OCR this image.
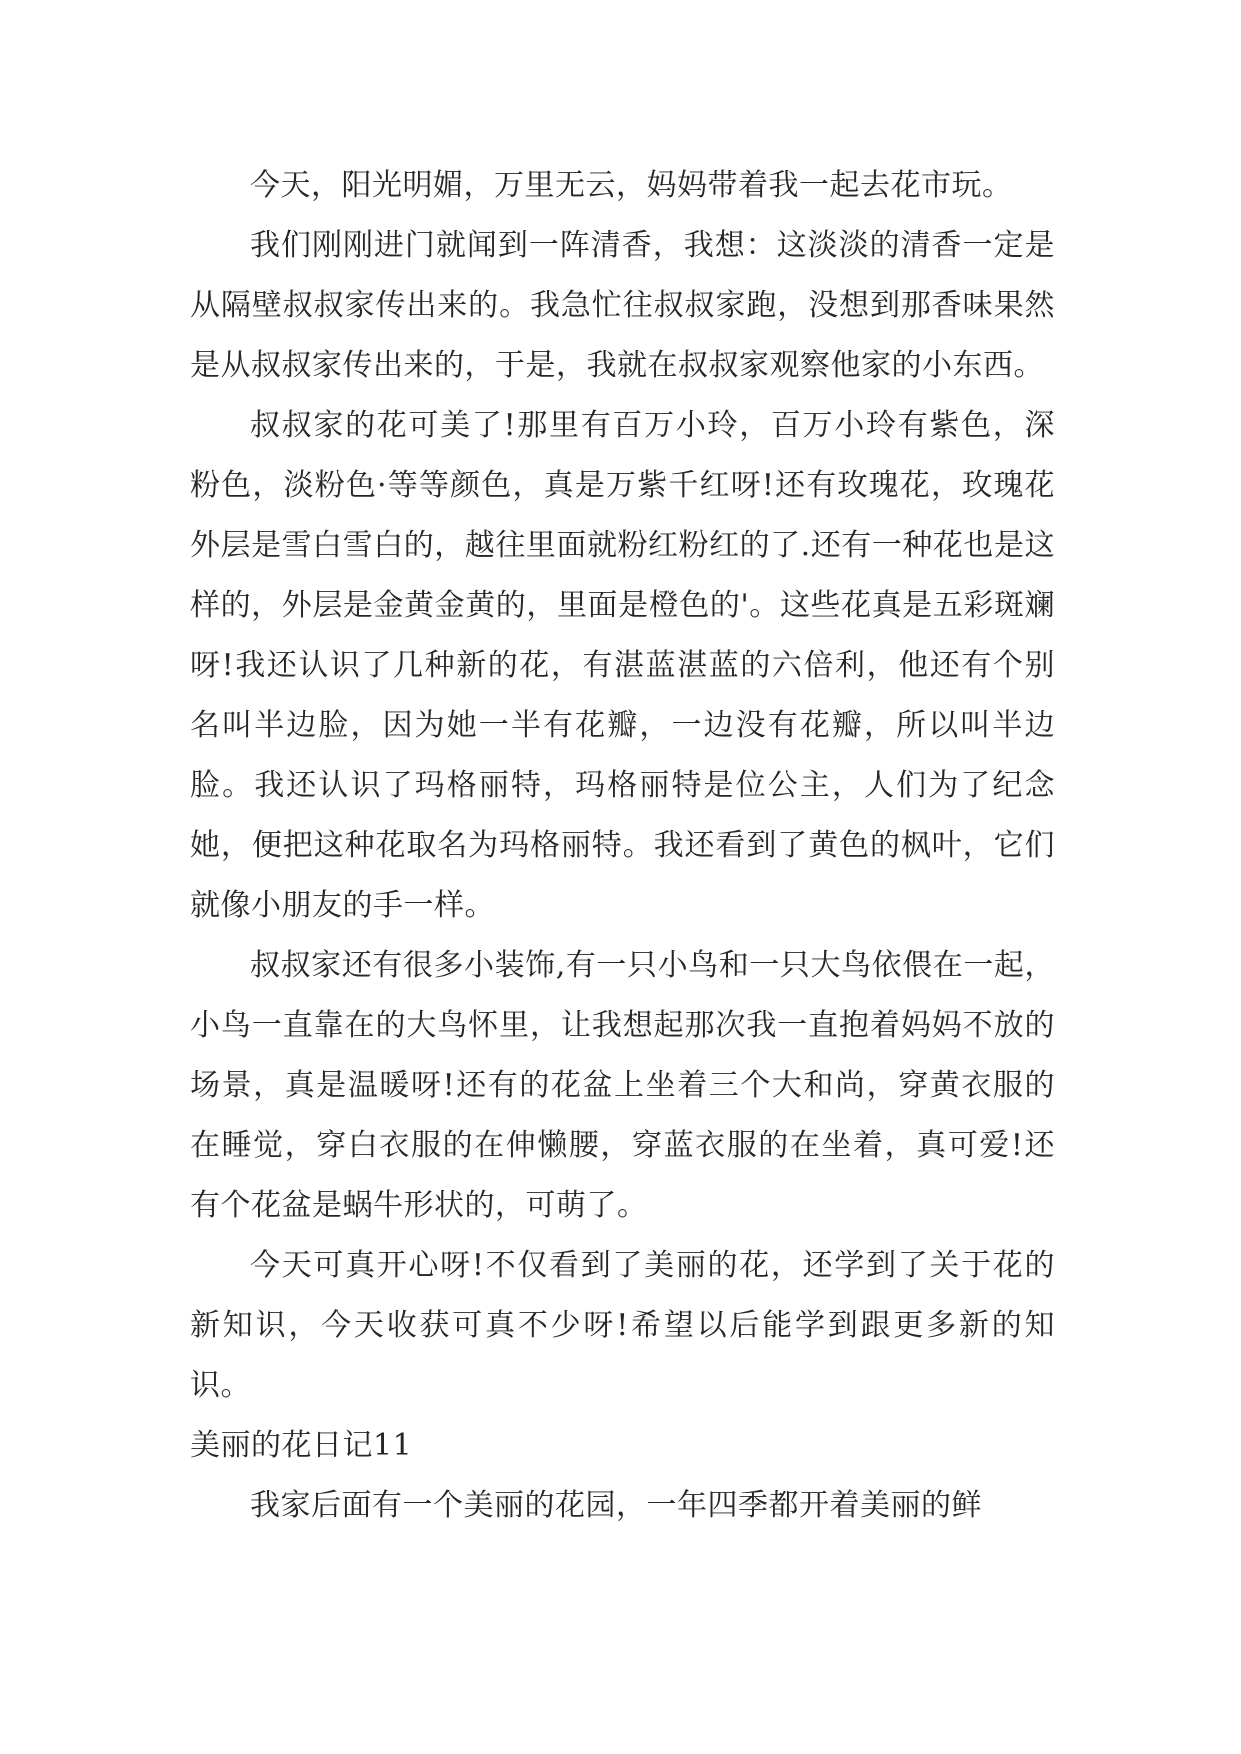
今天，阳光明媚，万里无云，妈妈带着我一起去花市玩。

我们刚刚进门就闻到一阵清香，我想：这淡淡的清香一定是从隔壁叔叔家传出来的。我急忙往叔叔家跑，没想到那香味果然是从叔叔家传出来的，于是，我就在叔叔家观察他家的小东西。

叔叔家的花可美了!那里有百万小玲，百万小玲有紫色，深粉色，淡粉色·等等颜色，真是万紫千红呀!还有玫瑰花，玫瑰花外层是雪白雪白的，越往里面就粉红粉红的了.还有一种花也是这样的，外层是金黄金黄的，里面是橙色的'。这些花真是五彩斑斓呀!我还认识了几种新的花，有湛蓝湛蓝的六倍利，他还有个别名叫半边脸，因为她一半有花瓣，一边没有花瓣，所以叫半边脸。我还认识了玛格丽特，玛格丽特是位公主，人们为了纪念她，便把这种花取名为玛格丽特。我还看到了黄色的枫叶，它们就像小朋友的手一样。

叔叔家还有很多小装饰,有一只小鸟和一只大鸟依偎在一起，小鸟一直靠在的大鸟怀里，让我想起那次我一直抱着妈妈不放的场景，真是温暖呀!还有的花盆上坐着三个大和尚，穿黄衣服的在睡觉，穿白衣服的在伸懒腰，穿蓝衣服的在坐着，真可爱!还有个花盆是蜗牛形状的，可萌了。

今天可真开心呀!不仅看到了美丽的花，还学到了关于花的新知识，今天收获可真不少呀!希望以后能学到跟更多新的知识。

美丽的花日记11

我家后面有一个美丽的花园，一年四季都开着美丽的鲜
